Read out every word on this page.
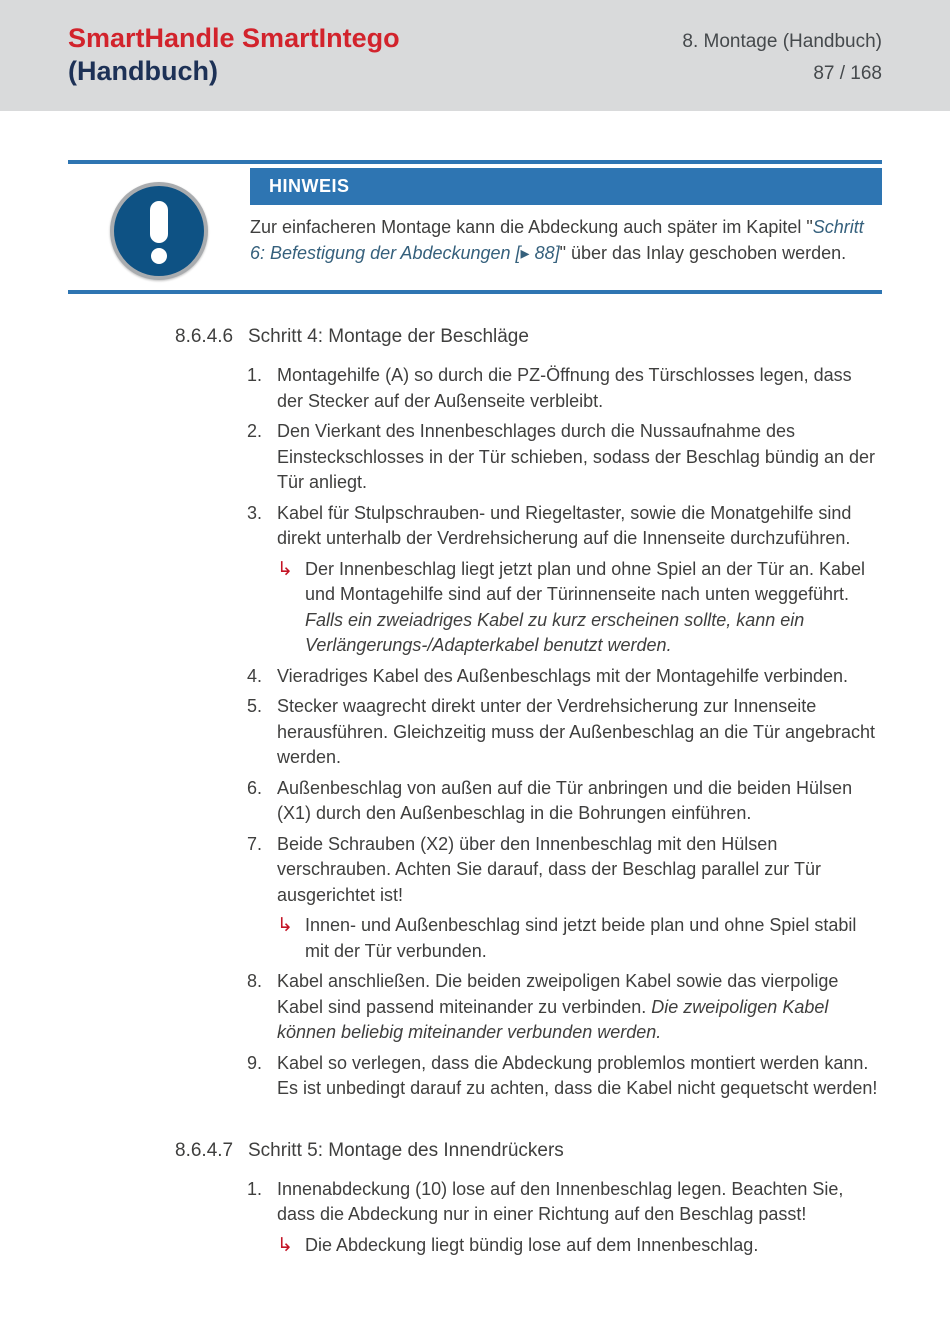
SmartHandle SmartIntego
(Handbuch)
8. Montage (Handbuch)
87 / 168
HINWEIS

Zur einfacheren Montage kann die Abdeckung auch später im Kapitel "Schritt 6: Befestigung der Abdeckungen [▸ 88]" über das Inlay geschoben werden.

8.6.4.6 Schritt 4: Montage der Beschläge
1. Montagehilfe (A) so durch die PZ-Öffnung des Türschlosses legen, dass der Stecker auf der Außenseite verbleibt.
2. Den Vierkant des Innenbeschlages durch die Nussaufnahme des Einsteckschlosses in der Tür schieben, sodass der Beschlag bündig an der Tür anliegt.
3. Kabel für Stulpschrauben- und Riegeltaster, sowie die Monatgehilfe sind direkt unterhalb der Verdrehsicherung auf die Innenseite durchzuführen.
↳ Der Innenbeschlag liegt jetzt plan und ohne Spiel an der Tür an. Kabel und Montagehilfe sind auf der Türinnenseite nach unten weggeführt. Falls ein zweiadriges Kabel zu kurz erscheinen sollte, kann ein Verlängerungs-/Adapterkabel benutzt werden.
4. Vieradriges Kabel des Außenbeschlags mit der Montagehilfe verbinden.
5. Stecker waagrecht direkt unter der Verdrehsicherung zur Innenseite herausführen. Gleichzeitig muss der Außenbeschlag an die Tür angebracht werden.
6. Außenbeschlag von außen auf die Tür anbringen und die beiden Hülsen (X1) durch den Außenbeschlag in die Bohrungen einführen.
7. Beide Schrauben (X2) über den Innenbeschlag mit den Hülsen verschrauben. Achten Sie darauf, dass der Beschlag parallel zur Tür ausgerichtet ist!
↳ Innen- und Außenbeschlag sind jetzt beide plan und ohne Spiel stabil mit der Tür verbunden.
8. Kabel anschließen. Die beiden zweipoligen Kabel sowie das vierpolige Kabel sind passend miteinander zu verbinden. Die zweipoligen Kabel können beliebig miteinander verbunden werden.
9. Kabel so verlegen, dass die Abdeckung problemlos montiert werden kann. Es ist unbedingt darauf zu achten, dass die Kabel nicht gequetscht werden!
8.6.4.7 Schritt 5: Montage des Innendrückers
1. Innenabdeckung (10) lose auf den Innenbeschlag legen. Beachten Sie, dass die Abdeckung nur in einer Richtung auf den Beschlag passt!
↳ Die Abdeckung liegt bündig lose auf dem Innenbeschlag.
